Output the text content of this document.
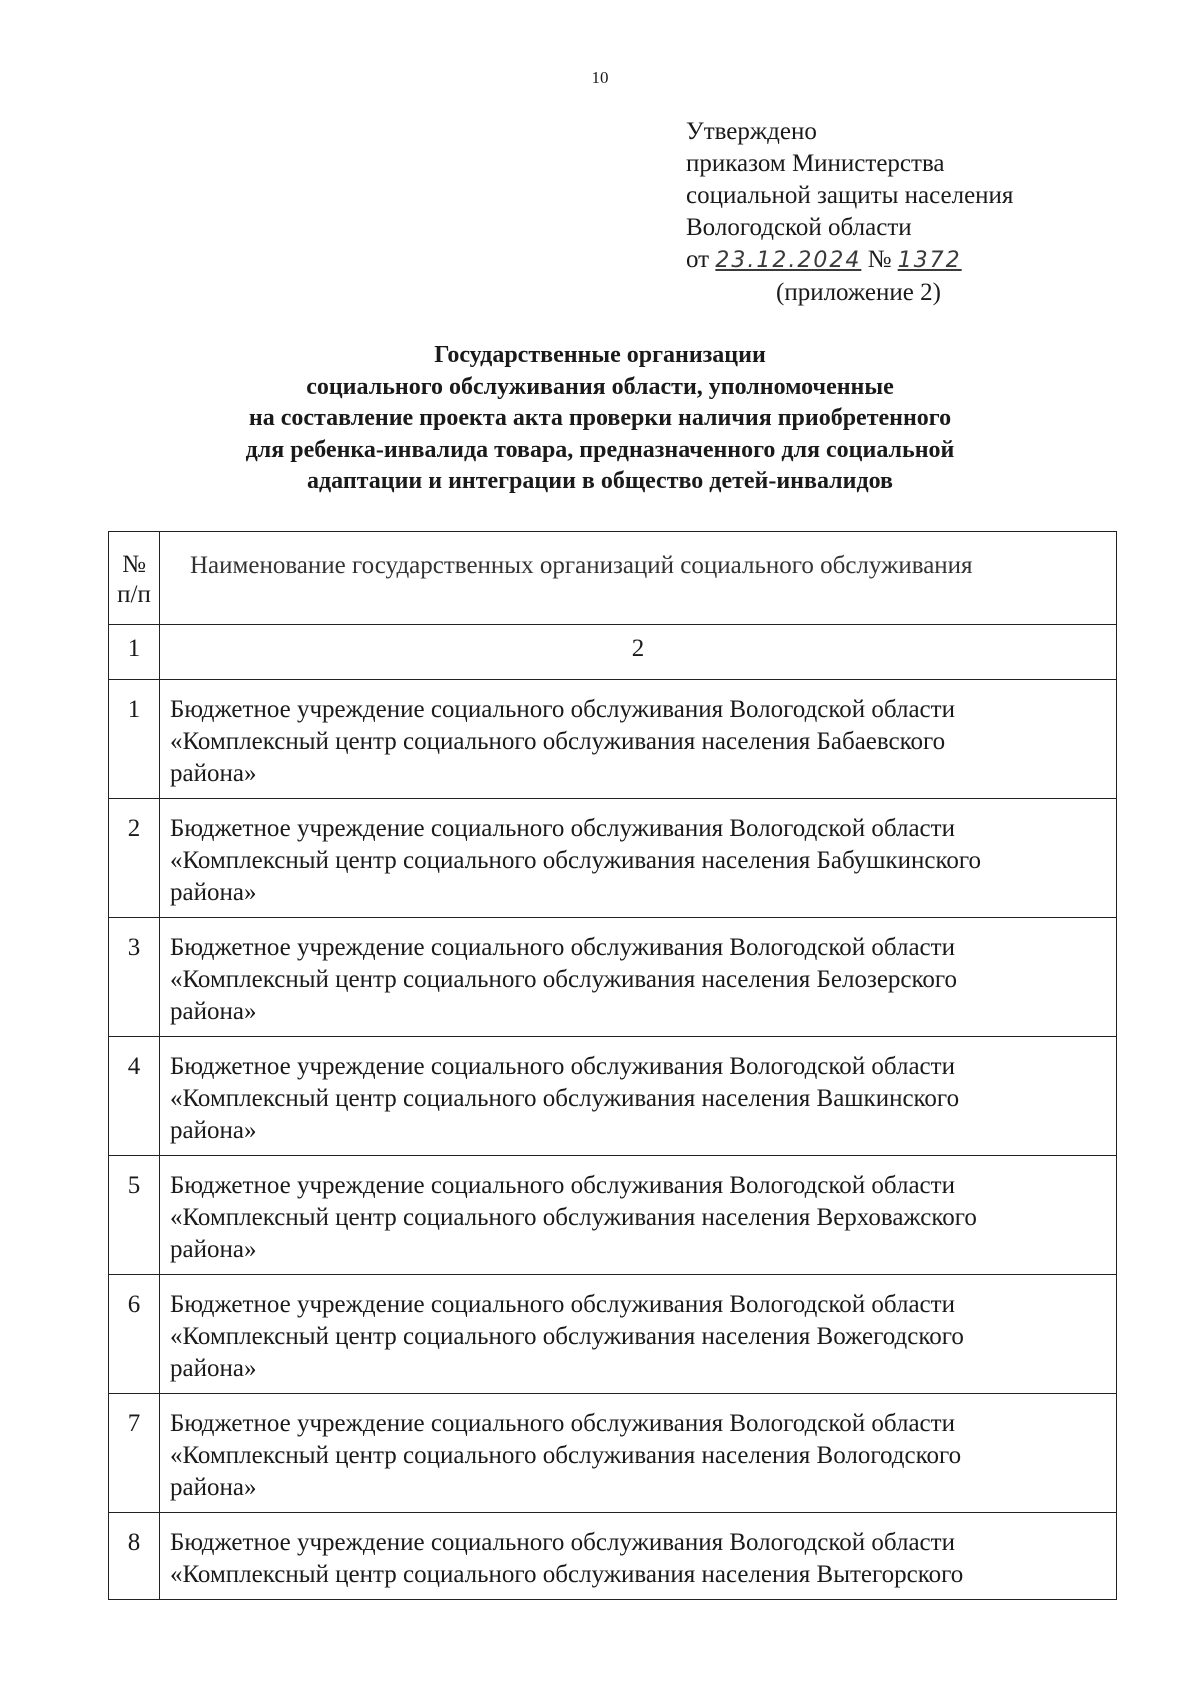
10
Утверждено
приказом Министерства
социальной защиты населения
Вологодской области
от 23.12.2024 № 1372
(приложение 2)
Государственные организации
социального обслуживания области, уполномоченные
на составление проекта акта проверки наличия приобретенного
для ребенка-инвалида товара, предназначенного для социальной
адаптации и интеграции в общество детей-инвалидов
№ п/п	Наименование государственных организаций социального обслуживания
1	2
1	Бюджетное учреждение социального обслуживания Вологодской области
«Комплексный центр социального обслуживания населения Бабаевского
района»

2	Бюджетное учреждение социального обслуживания Вологодской области
«Комплексный центр социального обслуживания населения Бабушкинского
района»

3	Бюджетное учреждение социального обслуживания Вологодской области
«Комплексный центр социального обслуживания населения Белозерского
района»

4	Бюджетное учреждение социального обслуживания Вологодской области
«Комплексный центр социального обслуживания населения Вашкинского
района»

5	Бюджетное учреждение социального обслуживания Вологодской области
«Комплексный центр социального обслуживания населения Верховажского
района»

6	Бюджетное учреждение социального обслуживания Вологодской области
«Комплексный центр социального обслуживания населения Вожегодского
района»

7	Бюджетное учреждение социального обслуживания Вологодской области
«Комплексный центр социального обслуживания населения Вологодского
района»

8	Бюджетное учреждение социального обслуживания Вологодской области
«Комплексный центр социального обслуживания населения Вытегорского
